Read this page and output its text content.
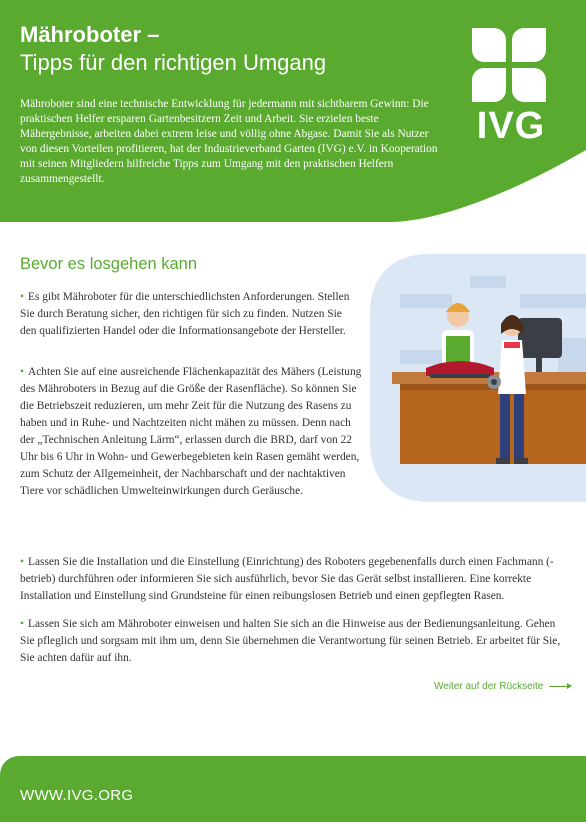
Mähroboter –
Tipps für den richtigen Umgang
Mähroboter sind eine technische Entwicklung für jedermann mit sichtbarem Gewinn: Die praktischen Helfer ersparen Gartenbesitzern Zeit und Arbeit. Sie erzielen beste Mähergebnisse, arbeiten dabei extrem leise und völlig ohne Abgase. Damit Sie als Nutzer von diesen Vorteilen profitieren, hat der Industrieverband Garten (IVG) e.V. in Kooperation mit seinen Mitgliedern hilfreiche Tipps zum Umgang mit den praktischen Helfern zusammengestellt.
IVG
Bevor es losgehen kann
• Es gibt Mähroboter für die unterschiedlichsten Anforderungen. Stellen Sie durch Beratung sicher, den richtigen für sich zu finden. Nutzen Sie den qualifizierten Handel oder die Informationsangebote der Hersteller.
• Achten Sie auf eine ausreichende Flächenkapazität des Mähers (Leistung des Mähroboters in Bezug auf die Größe der Rasenfläche). So können Sie die Betriebszeit reduzieren, um mehr Zeit für die Nutzung des Rasens zu haben und in Ruhe- und Nachtzeiten nicht mähen zu müssen. Denn nach der „Technischen Anleitung Lärm“, erlassen durch die BRD, darf von 22 Uhr bis 6 Uhr in Wohn- und Gewerbegebieten kein Rasen gemäht werden, zum Schutz der Allgemeinheit, der Nachbarschaft und der nachtaktiven Tiere vor schädlichen Umwelteinwirkungen durch Geräusche.
• Lassen Sie die Installation und die Einstellung (Einrichtung) des Roboters gegebenenfalls durch einen Fachmann (-betrieb) durchführen oder informieren Sie sich ausführlich, bevor Sie das Gerät selbst installieren. Eine korrekte Installation und Einstellung sind Grundsteine für einen reibungslosen Betrieb und einen gepflegten Rasen.
• Lassen Sie sich am Mähroboter einweisen und halten Sie sich an die Hinweise aus der Bedienungsanleitung. Gehen Sie pfleglich und sorgsam mit ihm um, denn Sie übernehmen die Verantwortung für seinen Betrieb. Er arbeitet für Sie, Sie achten dafür auf ihn.
Weiter auf der Rückseite
WWW.IVG.ORG
